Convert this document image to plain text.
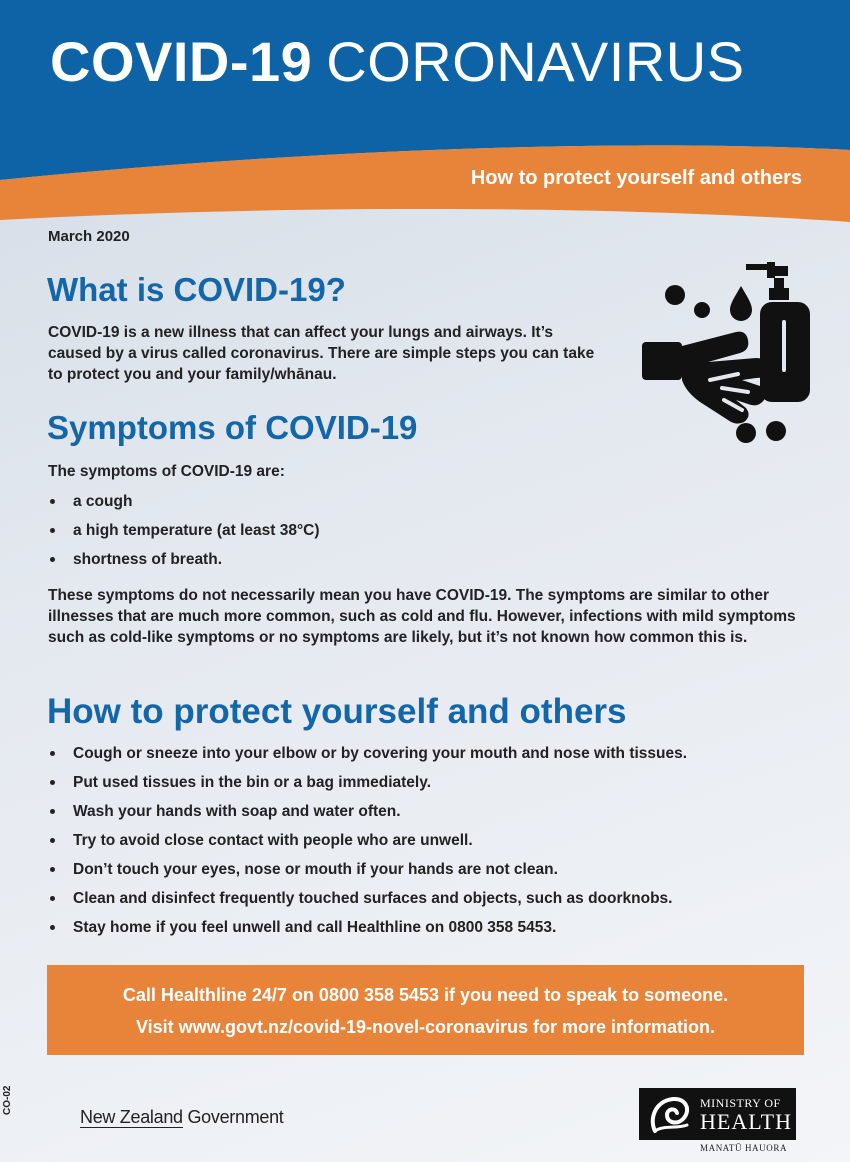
COVID-19 CORONAVIRUS
How to protect yourself and others
March 2020
What is COVID-19?

COVID-19 is a new illness that can affect your lungs and airways. It’s caused by a virus called coronavirus. There are simple steps you can take to protect you and your family/whānau.

Symptoms of COVID-19

The symptoms of COVID-19 are:

a cough
a high temperature (at least 38°C)
shortness of breath.

These symptoms do not necessarily mean you have COVID-19. The symptoms are similar to other illnesses that are much more common, such as cold and flu. However, infections with mild symptoms such as cold-like symptoms or no symptoms are likely, but it’s not known how common this is.

How to protect yourself and others
Cough or sneeze into your elbow or by covering your mouth and nose with tissues.
Put used tissues in the bin or a bag immediately.
Wash your hands with soap and water often.
Try to avoid close contact with people who are unwell.
Don’t touch your eyes, nose or mouth if your hands are not clean.
Clean and disinfect frequently touched surfaces and objects, such as doorknobs.
Stay home if you feel unwell and call Healthline on 0800 358 5453.
Call Healthline 24/7 on 0800 358 5453 if you need to speak to someone.
Visit www.govt.nz/covid-19-novel-coronavirus for more information.
CO-02
New Zealand Government
MINISTRY OF
HEALTH
MANATŪ HAUORA
